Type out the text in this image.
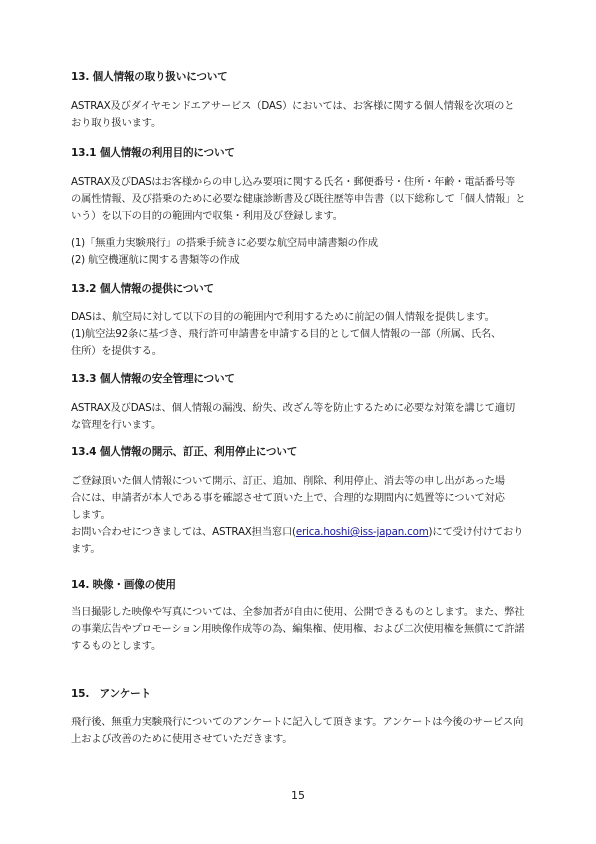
13. 個人情報の取り扱いについて
ASTRAX及びダイヤモンドエアサービス（DAS）においては、お客様に関する個人情報を次項のと
おり取り扱います。
13.1 個人情報の利用目的について
ASTRAX及びDASはお客様からの申し込み要項に関する氏名・郵便番号・住所・年齢・電話番号等
の属性情報、及び搭乗のために必要な健康診断書及び既往歴等申告書（以下総称して「個人情報」と
いう）を以下の目的の範囲内で収集・利用及び登録します。
(1)「無重力実験飛行」の搭乗手続きに必要な航空局申請書類の作成
(2) 航空機運航に関する書類等の作成
13.2 個人情報の提供について
DASは、航空局に対して以下の目的の範囲内で利用するために前記の個人情報を提供します。
(1)航空法92条に基づき、飛行許可申請書を申請する目的として個人情報の一部（所属、氏名、
住所）を提供する。
13.3 個人情報の安全管理について
ASTRAX及びDASは、個人情報の漏洩、紛失、改ざん等を防止するために必要な対策を講じて適切
な管理を行います。
13.4 個人情報の開示、訂正、利用停止について
ご登録頂いた個人情報について開示、訂正、追加、削除、利用停止、消去等の申し出があった場
合には、申請者が本人である事を確認させて頂いた上で、合理的な期間内に処置等について対応
します。
お問い合わせにつきましては、ASTRAX担当窓口(erica.hoshi@iss-japan.com)にて受け付けており
ます。
14. 映像・画像の使用
当日撮影した映像や写真については、全参加者が自由に使用、公開できるものとします。また、弊社
の事業広告やプロモーション用映像作成等の為、編集権、使用権、および二次使用権を無償にて許諾
するものとします。
15.　アンケート
飛行後、無重力実験飛行についてのアンケートに記入して頂きます。アンケートは今後のサービス向
上および改善のために使用させていただきます。
15
